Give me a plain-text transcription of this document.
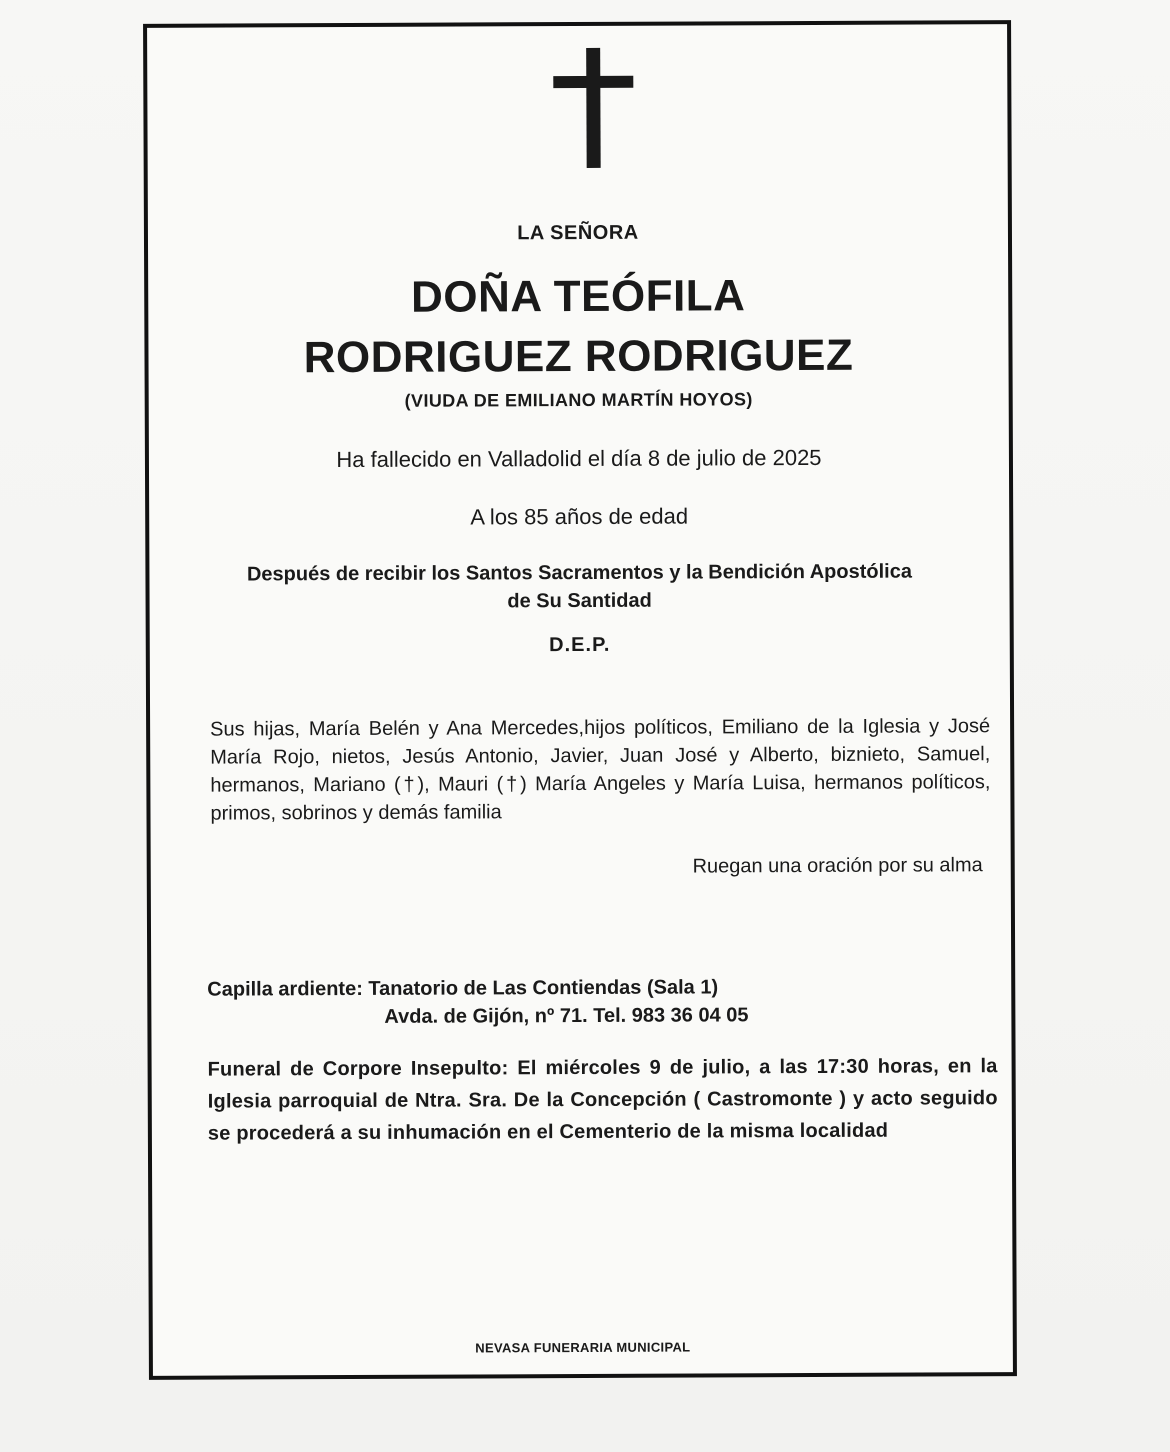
LA SEÑORA
DOÑA TEÓFILA
RODRIGUEZ RODRIGUEZ
(VIUDA DE EMILIANO MARTÍN HOYOS)
Ha fallecido en Valladolid el día 8 de julio de 2025
A los 85 años de edad
Después de recibir los Santos Sacramentos y la Bendición Apostólica
de Su Santidad
D.E.P.
Sus hijas, María Belén y Ana Mercedes,hijos políticos, Emiliano de la Iglesia y José María Rojo, nietos, Jesús Antonio, Javier, Juan José y Alberto, biznieto, Samuel, hermanos, Mariano (†), Mauri (†) María Angeles y María Luisa, hermanos políticos, primos, sobrinos y demás familia
Ruegan una oración por su alma
Capilla ardiente: Tanatorio de Las Contiendas (Sala 1)
Avda. de Gijón, nº 71. Tel. 983 36 04 05
Funeral de Corpore Insepulto: El miércoles 9 de julio, a las 17:30 horas, en la Iglesia parroquial de Ntra. Sra. De la Concepción ( Castromonte ) y acto seguido se procederá a su inhumación en el Cementerio de la misma localidad
NEVASA FUNERARIA MUNICIPAL
